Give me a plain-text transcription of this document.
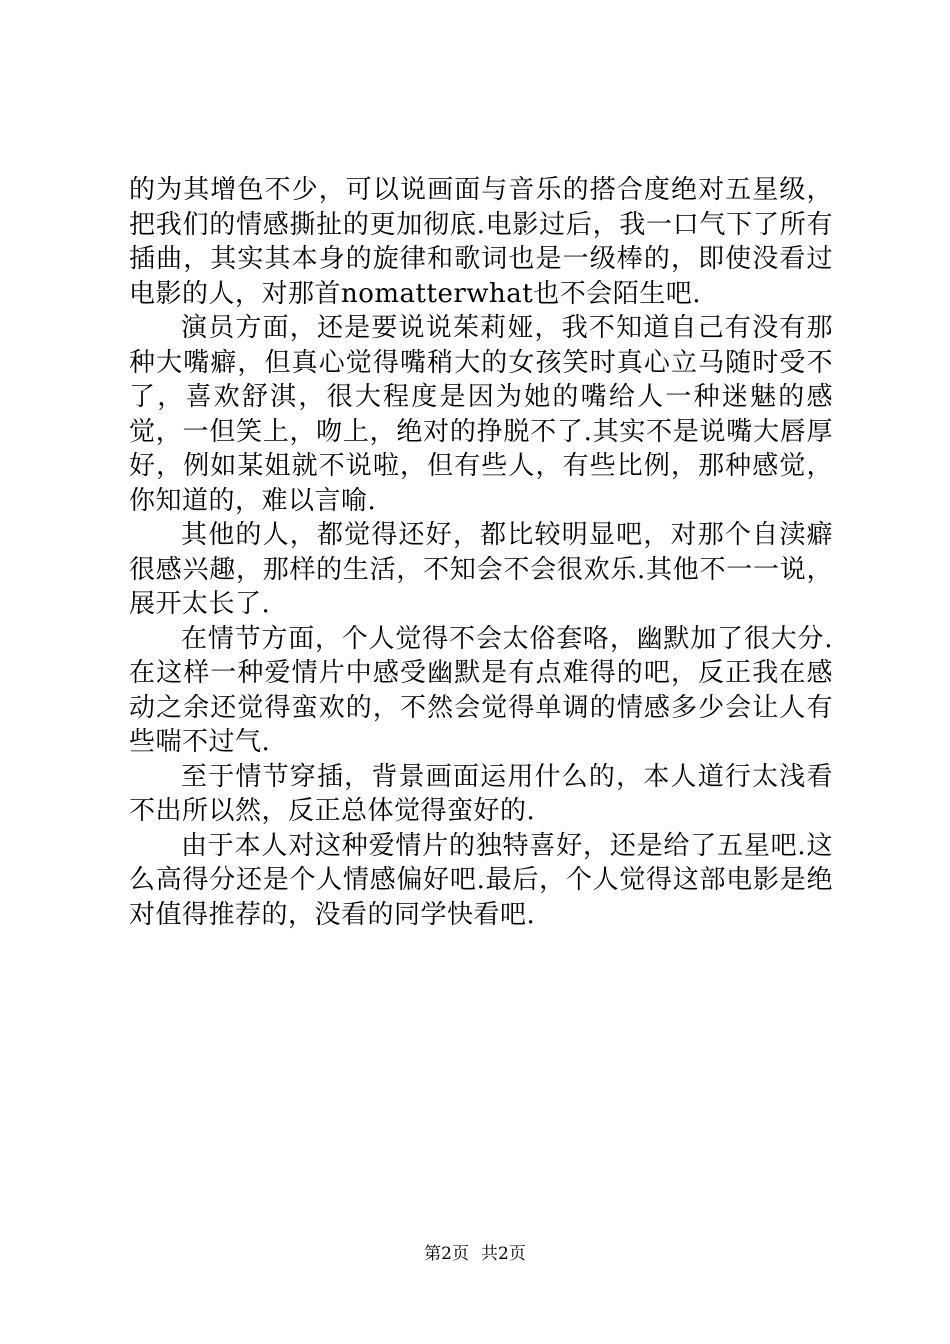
的为其增色不少，可以说画面与音乐的搭合度绝对五星级，把我们的情感撕扯的更加彻底.电影过后，我一口气下了所有插曲，其实其本身的旋律和歌词也是一级棒的，即使没看过电影的人，对那首nomatterwhat也不会陌生吧.

演员方面，还是要说说茱莉娅，我不知道自己有没有那种大嘴癖，但真心觉得嘴稍大的女孩笑时真心立马随时受不了，喜欢舒淇，很大程度是因为她的嘴给人一种迷魅的感觉，一但笑上，吻上，绝对的挣脱不了.其实不是说嘴大唇厚好，例如某姐就不说啦，但有些人，有些比例，那种感觉，你知道的，难以言喻.

其他的人，都觉得还好，都比较明显吧，对那个自渎癖很感兴趣，那样的生活，不知会不会很欢乐.其他不一一说，展开太长了.

在情节方面，个人觉得不会太俗套咯，幽默加了很大分.在这样一种爱情片中感受幽默是有点难得的吧，反正我在感动之余还觉得蛮欢的，不然会觉得单调的情感多少会让人有些喘不过气.

至于情节穿插，背景画面运用什么的，本人道行太浅看不出所以然，反正总体觉得蛮好的.

由于本人对这种爱情片的独特喜好，还是给了五星吧.这么高得分还是个人情感偏好吧.最后，个人觉得这部电影是绝对值得推荐的，没看的同学快看吧.

第2页 共2页
